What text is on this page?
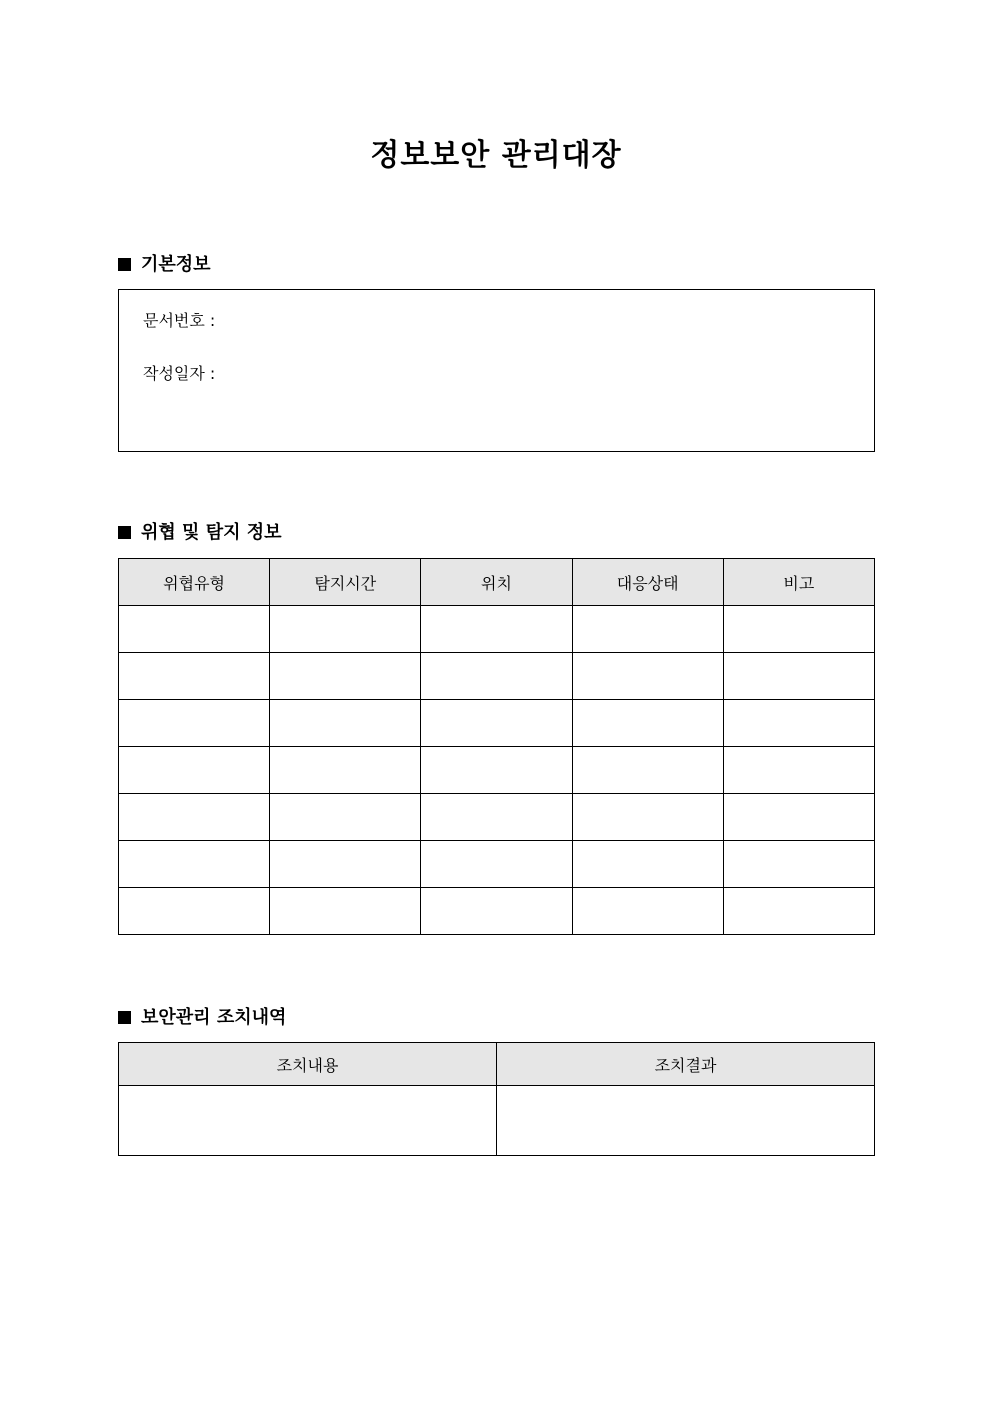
정보보안 관리대장
기본정보
문서번호 :
작성일자 :
위협 및 탐지 정보
위협유형	탐지시간	위치	대응상태	비고

보안관리 조치내역
조치내용	조치결과
